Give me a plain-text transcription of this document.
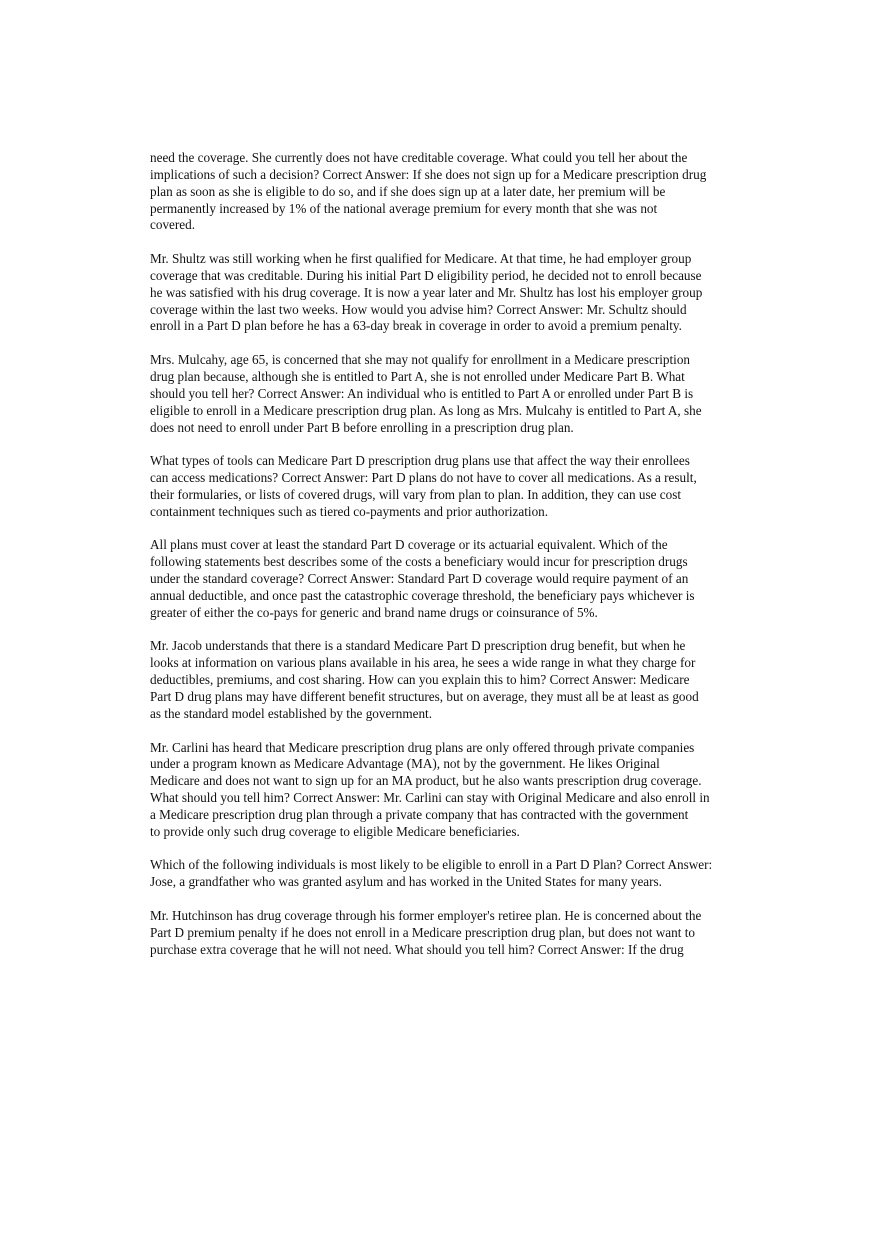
need the coverage. She currently does not have creditable coverage. What could you tell her about the
implications of such a decision? Correct Answer: If she does not sign up for a Medicare prescription drug
plan as soon as she is eligible to do so, and if she does sign up at a later date, her premium will be
permanently increased by 1% of the national average premium for every month that she was not
covered.
Mr. Shultz was still working when he first qualified for Medicare. At that time, he had employer group
coverage that was creditable. During his initial Part D eligibility period, he decided not to enroll because
he was satisfied with his drug coverage. It is now a year later and Mr. Shultz has lost his employer group
coverage within the last two weeks. How would you advise him? Correct Answer: Mr. Schultz should
enroll in a Part D plan before he has a 63-day break in coverage in order to avoid a premium penalty.
Mrs. Mulcahy, age 65, is concerned that she may not qualify for enrollment in a Medicare prescription
drug plan because, although she is entitled to Part A, she is not enrolled under Medicare Part B. What
should you tell her? Correct Answer: An individual who is entitled to Part A or enrolled under Part B is
eligible to enroll in a Medicare prescription drug plan. As long as Mrs. Mulcahy is entitled to Part A, she
does not need to enroll under Part B before enrolling in a prescription drug plan.
What types of tools can Medicare Part D prescription drug plans use that affect the way their enrollees
can access medications? Correct Answer: Part D plans do not have to cover all medications. As a result,
their formularies, or lists of covered drugs, will vary from plan to plan. In addition, they can use cost
containment techniques such as tiered co-payments and prior authorization.
All plans must cover at least the standard Part D coverage or its actuarial equivalent. Which of the
following statements best describes some of the costs a beneficiary would incur for prescription drugs
under the standard coverage? Correct Answer: Standard Part D coverage would require payment of an
annual deductible, and once past the catastrophic coverage threshold, the beneficiary pays whichever is
greater of either the co-pays for generic and brand name drugs or coinsurance of 5%.
Mr. Jacob understands that there is a standard Medicare Part D prescription drug benefit, but when he
looks at information on various plans available in his area, he sees a wide range in what they charge for
deductibles, premiums, and cost sharing. How can you explain this to him? Correct Answer: Medicare
Part D drug plans may have different benefit structures, but on average, they must all be at least as good
as the standard model established by the government.
Mr. Carlini has heard that Medicare prescription drug plans are only offered through private companies
under a program known as Medicare Advantage (MA), not by the government. He likes Original
Medicare and does not want to sign up for an MA product, but he also wants prescription drug coverage.
What should you tell him? Correct Answer: Mr. Carlini can stay with Original Medicare and also enroll in
a Medicare prescription drug plan through a private company that has contracted with the government
to provide only such drug coverage to eligible Medicare beneficiaries.
Which of the following individuals is most likely to be eligible to enroll in a Part D Plan? Correct Answer:
Jose, a grandfather who was granted asylum and has worked in the United States for many years.
Mr. Hutchinson has drug coverage through his former employer's retiree plan. He is concerned about the
Part D premium penalty if he does not enroll in a Medicare prescription drug plan, but does not want to
purchase extra coverage that he will not need. What should you tell him? Correct Answer: If the drug
